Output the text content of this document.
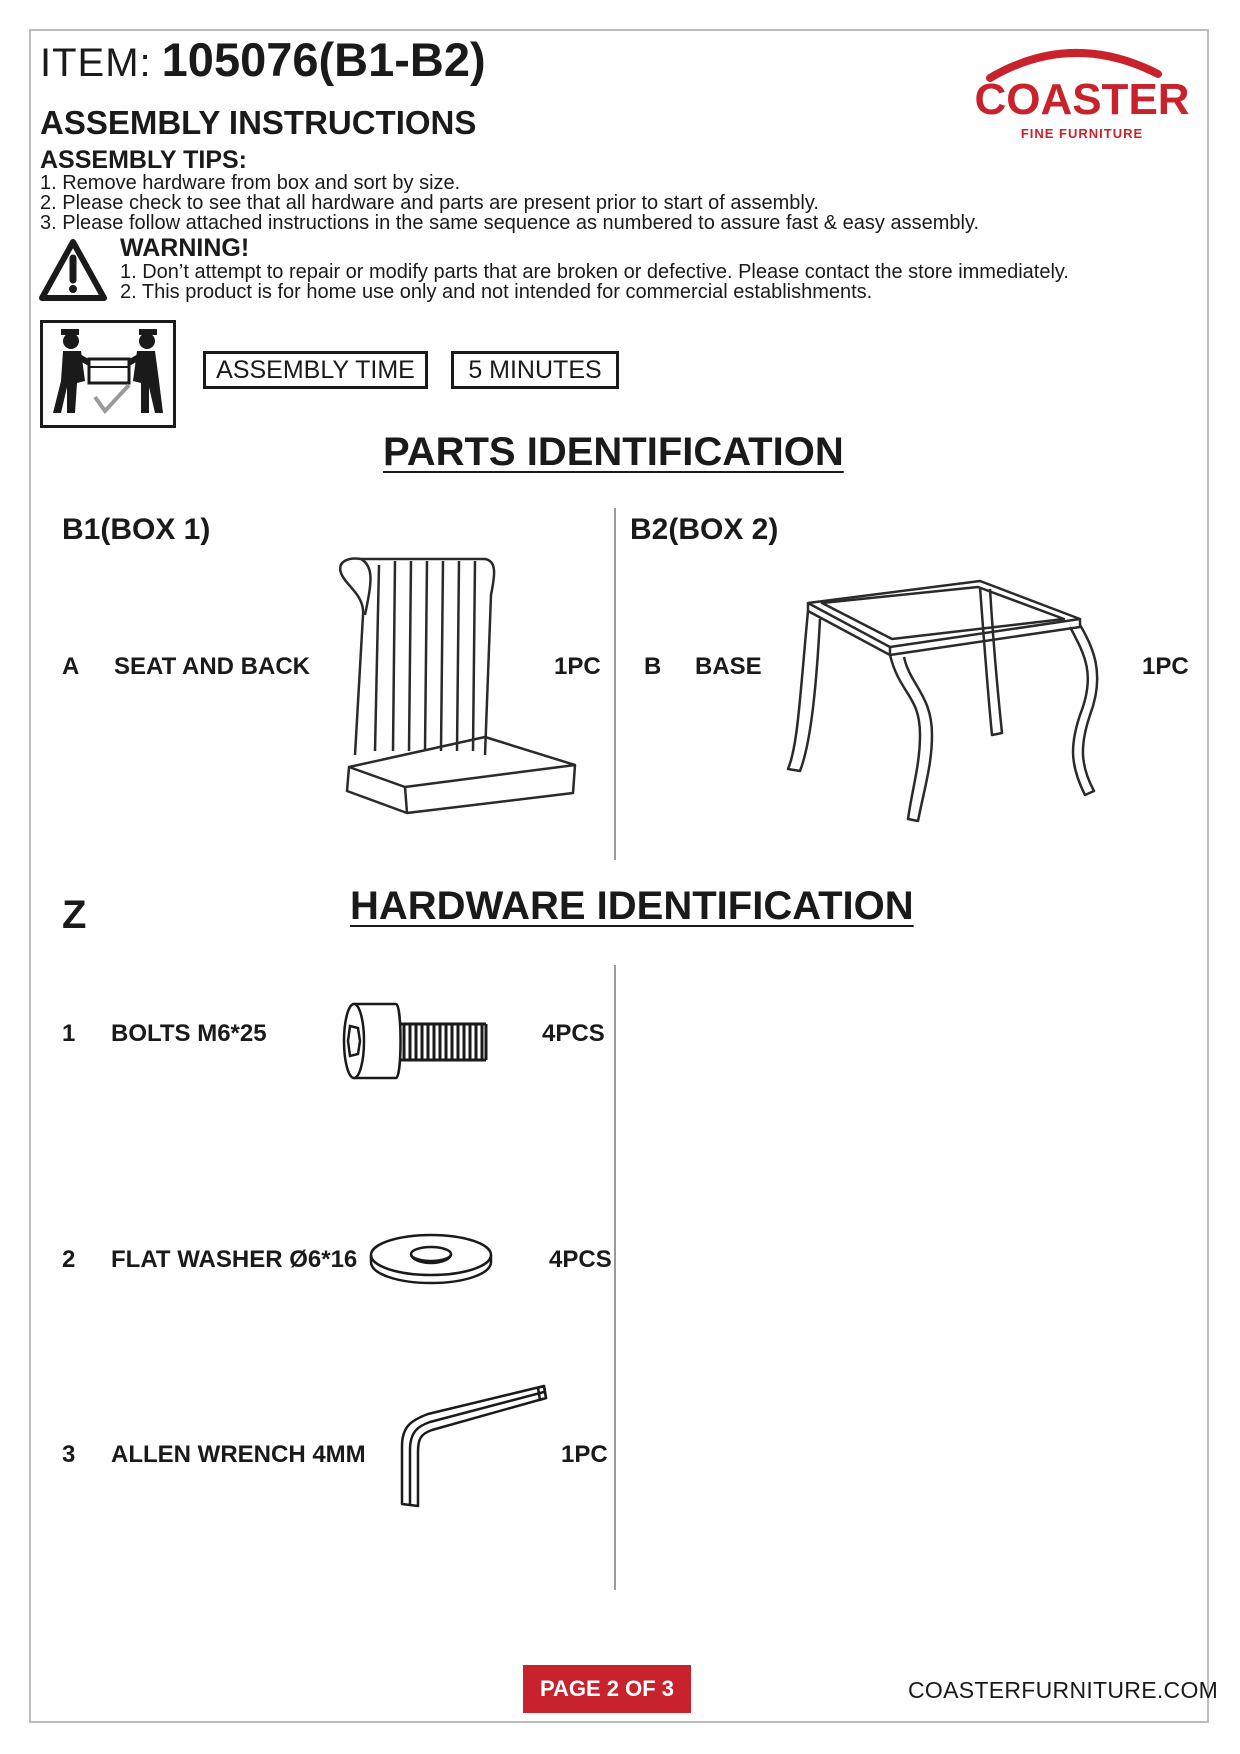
ITEM: 105076(B1-B2)
ASSEMBLY INSTRUCTIONS	COASTER
FINE FURNITURE
ASSEMBLY TIPS:
1. Remove hardware from box and sort by size.
2. Please check to see that all hardware and parts are present prior to start of assembly.
3. Please follow attached instructions in the same sequence as numbered to assure fast & easy assembly.
WARNING!
1. Don’t attempt to repair or modify parts that are broken or defective. Please contact the store immediately.
2. This product is for home use only and not intended for commercial establishments.
ASSEMBLY TIME	5 MINUTES
PARTS IDENTIFICATION
B1(BOX 1)
A SEAT AND BACK	1PC
B2(BOX 2)
B BASE	1PC
Z	HARDWARE IDENTIFICATION
1 BOLTS M6*25	4PCS
2 FLAT WASHER Ø6*16	4PCS
3 ALLEN WRENCH 4MM	1PC
PAGE 2 OF 3	COASTERFURNITURE.COM
